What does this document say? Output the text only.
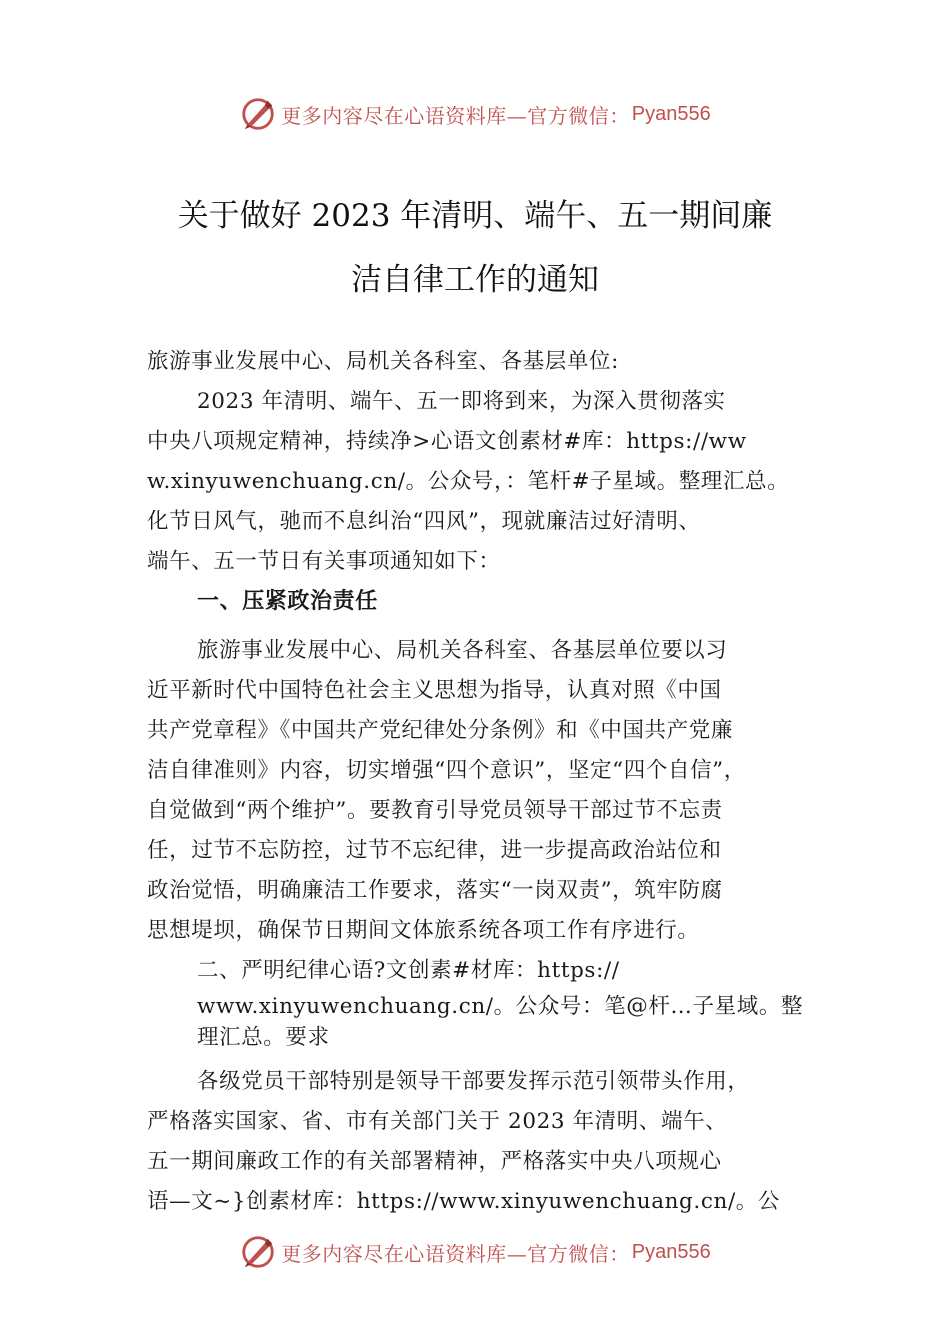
更多内容尽在心语资料库—官方微信： Pyan556
关于做好 2023 年清明、端午、五一期间廉
洁自律工作的通知
旅游事业发展中心、局机关各科室、各基层单位:
2023 年清明、端午、五一即将到来，为深入贯彻落实
中央八项规定精神，持续净>心语文创素材#库：https://ww
w.xinyuwenchuang.cn/。公众号，：笔杆#子星域。整理汇总。
化节日风气，驰而不息纠治“四风”，现就廉洁过好清明、
端午、五一节日有关事项通知如下：
一、压紧政治责任
旅游事业发展中心、局机关各科室、各基层单位要以习
近平新时代中国特色社会主义思想为指导，认真对照《中国
共产党章程》《中国共产党纪律处分条例》和《中国共产党廉
洁自律准则》内容，切实增强“四个意识”，坚定“四个自信”，
自觉做到“两个维护”。要教育引导党员领导干部过节不忘责
任，过节不忘防控，过节不忘纪律，进一步提高政治站位和
政治觉悟，明确廉洁工作要求，落实“一岗双责”，筑牢防腐
思想堤坝，确保节日期间文体旅系统各项工作有序进行。
二、严明纪律心语?文创素#材库：https://
www.xinyuwenchuang.cn/。公众号：笔@杆…子星域。整
理汇总。要求
各级党员干部特别是领导干部要发挥示范引领带头作用，
严格落实国家、省、市有关部门关于 2023 年清明、端午、
五一期间廉政工作的有关部署精神，严格落实中央八项规心
语—文~}创素材库：https://www.xinyuwenchuang.cn/。公
更多内容尽在心语资料库—官方微信： Pyan556
